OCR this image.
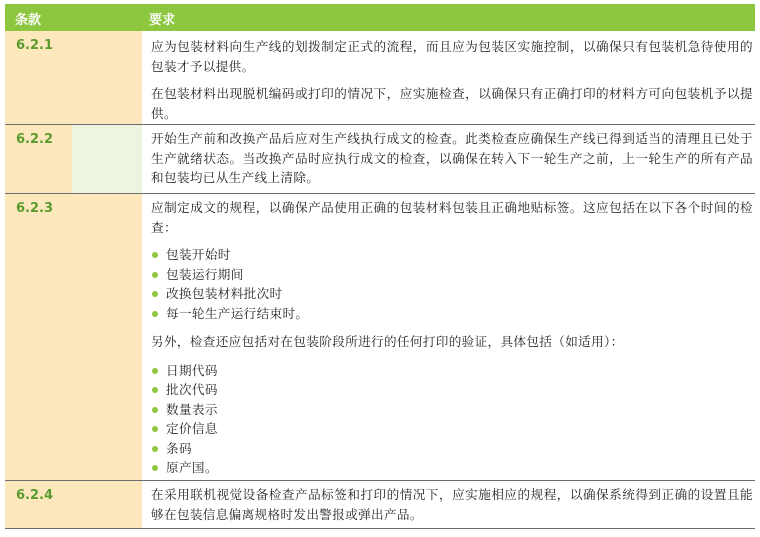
条款	要求
6.2.1	应为包装材料向生产线的划拨制定正式的流程，而且应为包装区实施控制，以确保只有包装机急待使用的包装才予以提供。

在包装材料出现脱机编码或打印的情况下，应实施检查，以确保只有正确打印的材料方可向包装机予以提供。

6.2.2	开始生产前和改换产品后应对生产线执行成文的检查。此类检查应确保生产线已得到适当的清理且已处于生产就绪状态。当改换产品时应执行成文的检查，以确保在转入下一轮生产之前，上一轮生产的所有产品和包装均已从生产线上清除。

6.2.3	应制定成文的规程，以确保产品使用正确的包装材料包装且正确地贴标签。这应包括在以下各个时间的检查：

包装开始时
包装运行期间
改换包装材料批次时
每一轮生产运行结束时。

另外，检查还应包括对在包装阶段所进行的任何打印的验证，具体包括（如适用）：

日期代码
批次代码
数量表示
定价信息
条码
原产国。
6.2.4	在采用联机视觉设备检查产品标签和打印的情况下，应实施相应的规程，以确保系统得到正确的设置且能够在包装信息偏离规格时发出警报或弹出产品。
